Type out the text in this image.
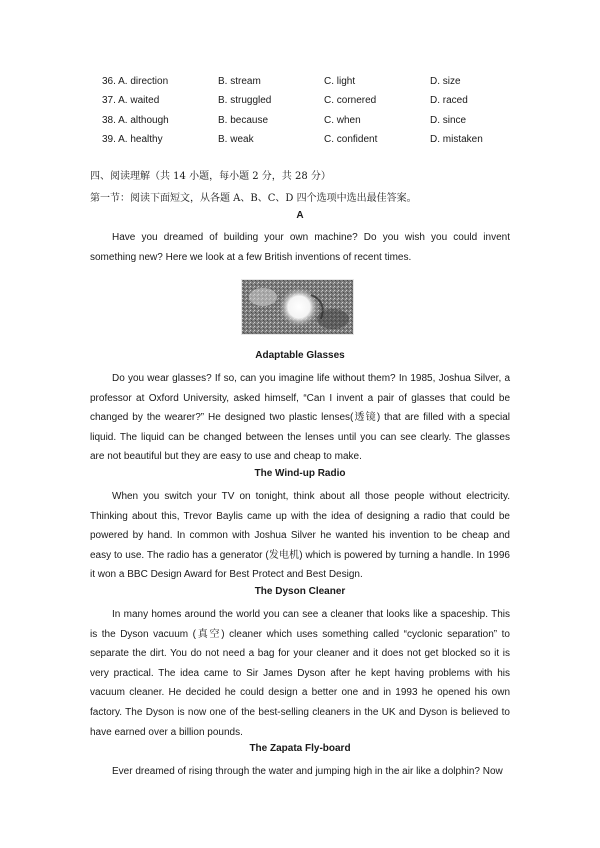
36. A. direction	B. stream	C. light	D. size
37. A. waited	B. struggled	C. cornered	D. raced
38. A. although	B. because	C. when	D. since
39. A. healthy	B. weak	C. confident	D. mistaken
四、阅读理解（共 14 小题，每小题 2 分，共 28 分）
第一节：阅读下面短文，从各题 A、B、C、D 四个选项中选出最佳答案。
A

Have you dreamed of building your own machine? Do you wish you could invent something new? Here we look at a few British inventions of recent times.

Adaptable Glasses

Do you wear glasses? If so, can you imagine life without them? In 1985, Joshua Silver, a professor at Oxford University, asked himself, “Can I invent a pair of glasses that could be changed by the wearer?” He designed two plastic lenses(透镜) that are filled with a special liquid. The liquid can be changed between the lenses until you can see clearly. The glasses are not beautiful but they are easy to use and cheap to make.

The Wind-up Radio

When you switch your TV on tonight, think about all those people without electricity. Thinking about this, Trevor Baylis came up with the idea of designing a radio that could be powered by hand. In common with Joshua Silver he wanted his invention to be cheap and easy to use. The radio has a generator (发电机) which is powered by turning a handle. In 1996 it won a BBC Design Award for Best Protect and Best Design.

The Dyson Cleaner

In many homes around the world you can see a cleaner that looks like a spaceship. This is the Dyson vacuum (真空) cleaner which uses something called “cyclonic separation” to separate the dirt. You do not need a bag for your cleaner and it does not get blocked so it is very practical. The idea came to Sir James Dyson after he kept having problems with his vacuum cleaner. He decided he could design a better one and in 1993 he opened his own factory. The Dyson is now one of the best-selling cleaners in the UK and Dyson is believed to have earned over a billion pounds.

The Zapata Fly-board

Ever dreamed of rising through the water and jumping high in the air like a dolphin? Now
